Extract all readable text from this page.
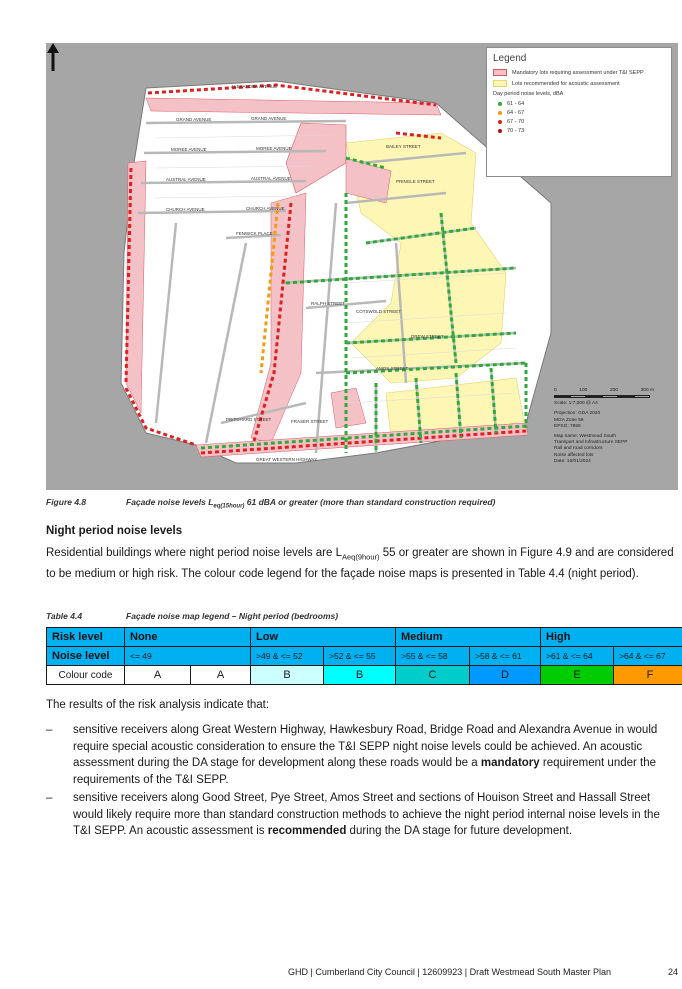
ALEXANDRA AVENUE
GRAND AVENUE	GRAND AVENUE
MOREE AVENUE	MOREE AVENUE
AUSTRAL AVENUE	AUSTRAL AVENUE
CHURCH AVENUE	CHURCH AVENUE
FENWICK PLACE
RALPH STREET
COTSWOLD STREET
DREW STREET
AMOS STREET
PRITCHARD STREET	FRASER STREET
BAILEY STREET
PRINGLE STREET
GREAT WESTERN HIGHWAY
Legend
Mandatory lots requiring assessment under T&I SEPP
Lots recommended for acoustic assessment
Day period noise levels, dBA
61 - 64
64 - 67
67 - 70
70 - 73
0	100	200	300 m
Scale: 1:7,000 @ A4
Projection: GDA 2020
MGA Zone 56
EPSG: 7856
Map name: Westmead South
Transport and Infrastructure SEPP
Rail and road corridors
Noise affected lots
Date: 16/01/2024
Figure 4.8	Façade noise levels $L_{eq(15hour)}$ 61 dBA or greater (more than standard construction required)
Night period noise levels
Residential buildings where night period noise levels are $L_{Aeq(9hour)}$ 55 or greater are shown in Figure 4.9 and are considered to be medium or high risk. The colour code legend for the façade noise maps is presented in Table 4.4 (night period).
Table 4.4	Façade noise map legend – Night period (bedrooms)
Risk level	None		Low		Medium		High	
Noise level	<= 49		>49 & <= 52	>52 & <= 55	>55 & <= 58	>58 & <= 61	>61 & <= 64	>64 & <= 67
Colour code	A	A	B	B	C	D	E	F
The results of the risk analysis indicate that:
–	sensitive receivers along Great Western Highway, Hawkesbury Road, Bridge Road and Alexandra Avenue in would require special acoustic consideration to ensure the T&I SEPP night noise levels could be achieved. An acoustic assessment during the DA stage for development along these roads would be a mandatory requirement under the requirements of the T&I SEPP.
–	sensitive receivers along Good Street, Pye Street, Amos Street and sections of Houison Street and Hassall Street would likely require more than standard construction methods to achieve the night period internal noise levels in the T&I SEPP. An acoustic assessment is recommended during the DA stage for future development.
GHD | Cumberland City Council | 12609923 | Draft Westmead South Master Plan	24
